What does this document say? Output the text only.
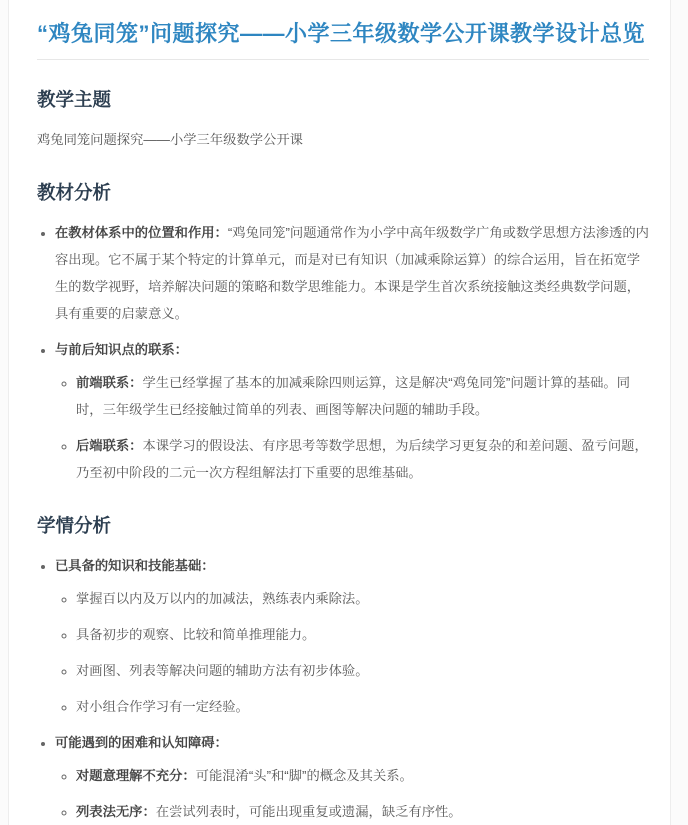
“鸡兔同笼”问题探究——小学三年级数学公开课教学设计总览
教学主题

鸡兔同笼问题探究——小学三年级数学公开课

教材分析
• 在教材体系中的位置和作用：“鸡兔同笼”问题通常作为小学中高年级数学广角或数学思想方法渗透的内容出现。它不属于某个特定的计算单元，而是对已有知识（加减乘除运算）的综合运用，旨在拓宽学生的数学视野，培养解决问题的策略和数学思维能力。本课是学生首次系统接触这类经典数学问题，具有重要的启蒙意义。
• 与前后知识点的联系：
◦ 前端联系：学生已经掌握了基本的加减乘除四则运算，这是解决“鸡兔同笼”问题计算的基础。同时，三年级学生已经接触过简单的列表、画图等解决问题的辅助手段。
◦ 后端联系：本课学习的假设法、有序思考等数学思想，为后续学习更复杂的和差问题、盈亏问题，乃至初中阶段的二元一次方程组解法打下重要的思维基础。
学情分析
• 已具备的知识和技能基础：
◦ 掌握百以内及万以内的加减法，熟练表内乘除法。
◦ 具备初步的观察、比较和简单推理能力。
◦ 对画图、列表等解决问题的辅助方法有初步体验。
◦ 对小组合作学习有一定经验。
• 可能遇到的困难和认知障碍：
◦ 对题意理解不充分：可能混淆“头”和“脚”的概念及其关系。
◦ 列表法无序：在尝试列表时，可能出现重复或遗漏，缺乏有序性。
